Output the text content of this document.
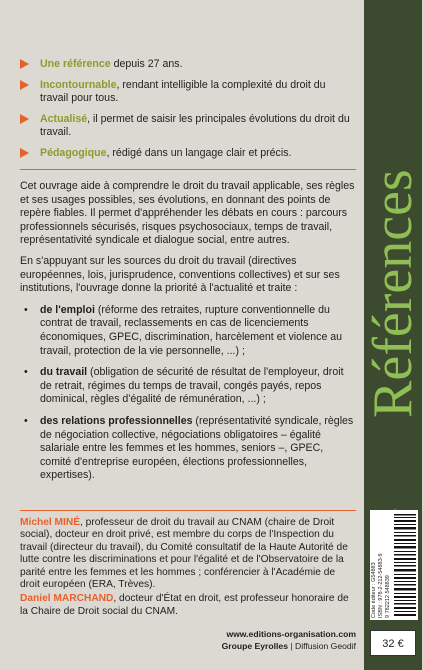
Références
Code éditeur : G54883
ISBN : 978-2-212-54883-9
9 782212 548839
32 €
Une référence depuis 27 ans.
Incontournable, rendant intelligible la complexité du droit du travail pour tous.
Actualisé, il permet de saisir les principales évolutions du droit du travail.
Pédagogique, rédigé dans un langage clair et précis.

Cet ouvrage aide à comprendre le droit du travail applicable, ses règles et ses usages possibles, ses évolutions, en donnant des points de repère fiables. Il permet d'appréhender les débats en cours : parcours professionnels sécurisés, risques psychosociaux, temps de travail, représentativité syndicale et dialogue social, entre autres.

En s'appuyant sur les sources du droit du travail (directives européennes, lois, jurisprudence, conventions collectives) et sur ses institutions, l'ouvrage donne la priorité à l'actualité et traite :

• de l'emploi (réforme des retraites, rupture conventionnelle du contrat de travail, reclassements en cas de licenciements économiques, GPEC, discrimination, harcèlement et violence au travail, protection de la vie personnelle, ...) ;
• du travail (obligation de sécurité de résultat de l'employeur, droit de retrait, régimes du temps de travail, congés payés, repos dominical, règles d'égalité de rémunération, ...) ;
• des relations professionnelles (représentativité syndicale, règles de négociation collective, négociations obligatoires – égalité salariale entre les femmes et les hommes, seniors –, GPEC, comité d'entreprise européen, élections professionnelles, expertises).

Michel MINÉ, professeur de droit du travail au CNAM (chaire de Droit social), docteur en droit privé, est membre du corps de l'Inspection du travail (directeur du travail), du Comité consultatif de la Haute Autorité de lutte contre les discriminations et pour l'égalité et de l'Observatoire de la parité entre les femmes et les hommes ; conférencier à l'Académie de droit européen (ERA, Trèves).

Daniel MARCHAND, docteur d'État en droit, est professeur honoraire de la Chaire de Droit social du CNAM.

www.editions-organisation.com
Groupe Eyrolles | Diffusion Geodif
